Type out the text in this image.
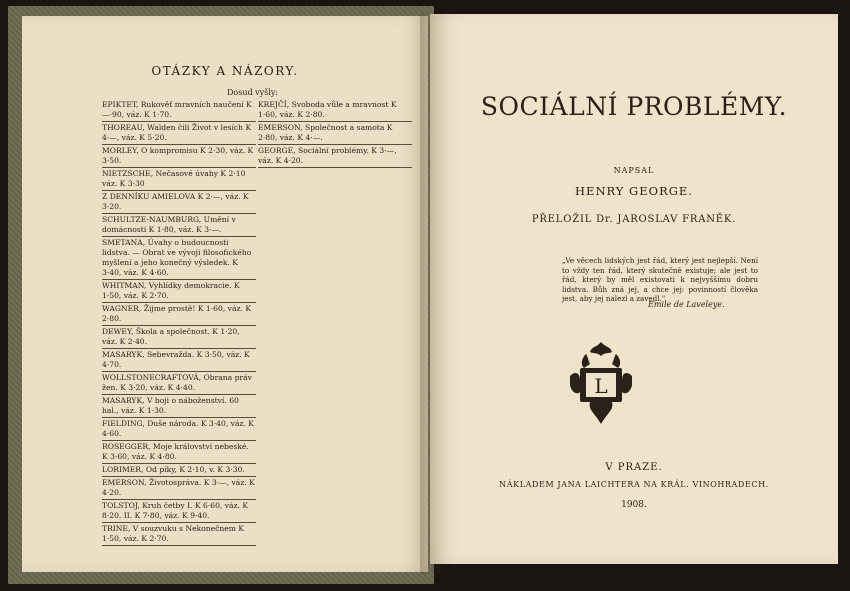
OTÁZKY A NÁZORY.
Dosud vyšly:
EPIKTET, Rukověť mravních naučení K —·90, váz. K 1·70.
THOREAU, Walden čili Život v lesích K 4·—, váz. K 5·20.
MORLEY, O kompromisu K 2·30, váz. K 3·50.
NIETZSCHE, Nečasové úvahy K 2·10 váz. K 3·30
Z DENNÍKU AMIELOVA K 2·—, váz. K 3·20.
SCHULTZE-NAUMBURG, Umění v domácnosti K 1·80, váz. K 3·—.
SMETANA, Úvahy o budoucnosti lidstva. — Obrat ve vývoji filosofického myšlení a jeho konečný výsledek. K 3·40, váz. K 4·60.
WHITMAN, Vyhlídky demokracie. K 1·50, váz. K 2·70.
WAGNER, Žijme prostě! K 1·60, váz. K 2·80.
DEWEY, Škola a společnost. K 1·20, váz. K 2·40.
MASARYK, Sebevražda. K 3·50, váz. K 4·70.
WOLLSTONECRAFTOVÁ, Obrana práv žen. K 3·20, váz. K 4·40.
MASARYK, V boji o náboženství. 60 hal., váz. K 1·30.
FIELDING, Duše národa. K 3·40, váz. K 4·60.
ROSEGGER, Moje království nebeské. K 3·60, váz. K 4·80.
LORIMER, Od píky, K 2·10, v. K 3·30.
EMERSON, Životospráva. K 3·—, váz. K 4·20.
TOLSTOJ, Kruh četby I. K 6·60, váz. K 8·20. II. K 7·80, váz. K 9·40.
TRINE, V souzvuku s Nekonečnem K 1·50, váz. K 2·70.
KREJČÍ, Svoboda vůle a mravnost K 1·60, váz. K 2·80.
EMERSON, Společnost a samota K 2·80, váz. K 4·—.
GEORGE, Sociální problémy. K 3·—, váz. K 4·20.
SOCIÁLNÍ PROBLÉMY.
NAPSAL
HENRY GEORGE.
PŘELOŽIL Dr. JAROSLAV FRANĚK.
„Ve věcech lidských jest řád, který jest nejlepší. Není to vždy ten řád, který skutečně existuje; ale jest to řád, který by měl existovati k nejvyššímu dobru lidstva. Bůh zná jej, a chce jej: povinností člověka jest, aby jej nalezl a zavedl."
Emile de Laveleye.
L
V PRAZE.
NÁKLADEM JANA LAICHTERA NA KRÁL. VINOHRADECH.
1908.
